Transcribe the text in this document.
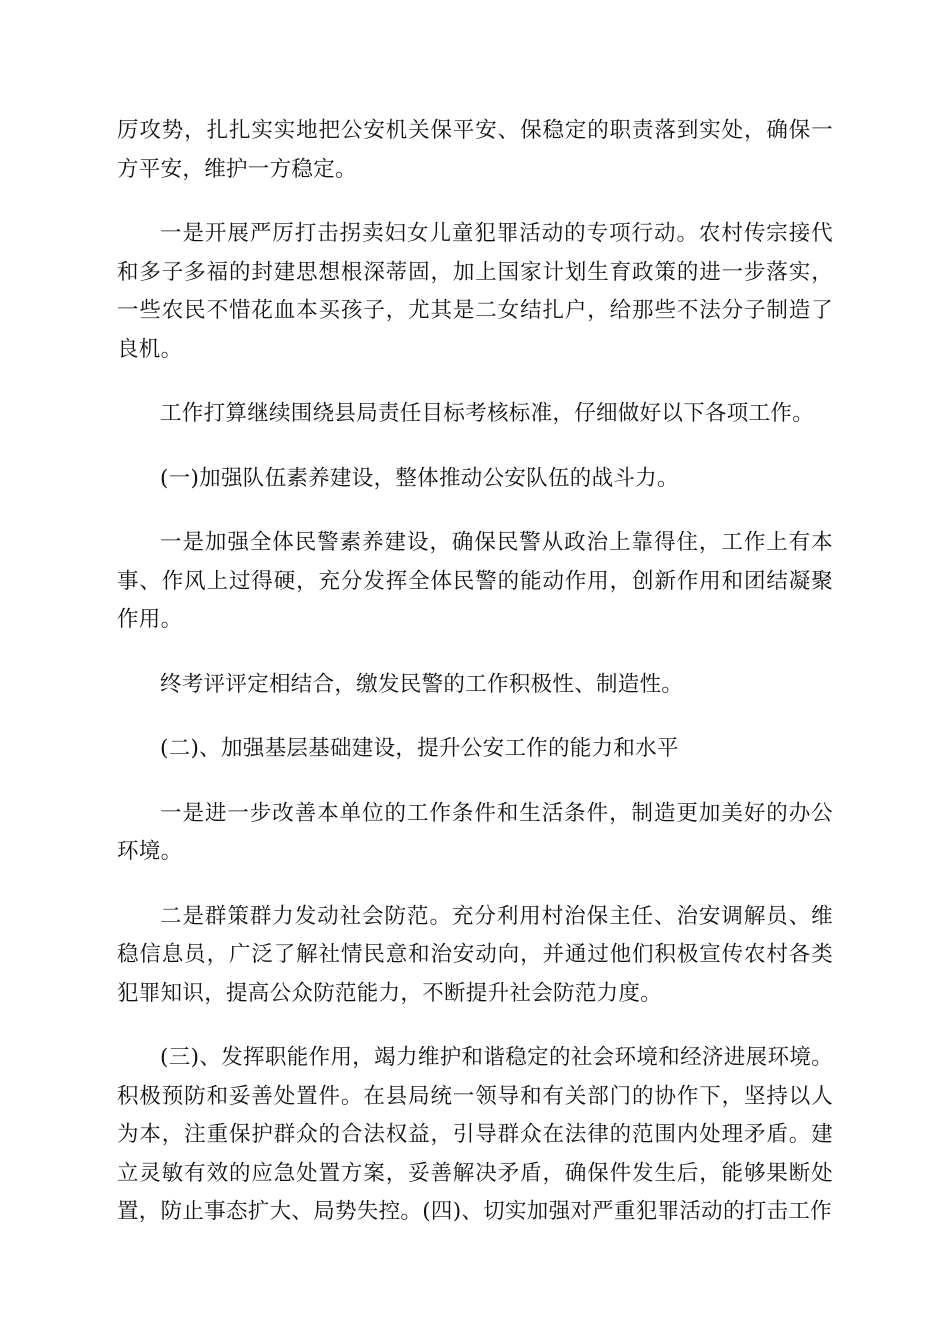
厉攻势，扎扎实实地把公安机关保平安、保稳定的职责落到实处，确保一方平安，维护一方稳定。

一是开展严厉打击拐卖妇女儿童犯罪活动的专项行动。农村传宗接代和多子多福的封建思想根深蒂固，加上国家计划生育政策的进一步落实，一些农民不惜花血本买孩子，尤其是二女结扎户，给那些不法分子制造了良机。

工作打算继续围绕县局责任目标考核标准，仔细做好以下各项工作。

(一)加强队伍素养建设，整体推动公安队伍的战斗力。

一是加强全体民警素养建设，确保民警从政治上靠得住，工作上有本事、作风上过得硬，充分发挥全体民警的能动作用，创新作用和团结凝聚作用。

终考评评定相结合，缴发民警的工作积极性、制造性。

(二)、加强基层基础建设，提升公安工作的能力和水平

一是进一步改善本单位的工作条件和生活条件，制造更加美好的办公环境。

二是群策群力发动社会防范。充分利用村治保主任、治安调解员、维稳信息员，广泛了解社情民意和治安动向，并通过他们积极宣传农村各类犯罪知识，提高公众防范能力，不断提升社会防范力度。

(三)、发挥职能作用，竭力维护和谐稳定的社会环境和经济进展环境。积极预防和妥善处置件。在县局统一领导和有关部门的协作下，坚持以人为本，注重保护群众的合法权益，引导群众在法律的范围内处理矛盾。建立灵敏有效的应急处置方案，妥善解决矛盾，确保件发生后，能够果断处置，防止事态扩大、局势失控。(四)、切实加强对严重犯罪活动的打击工作
